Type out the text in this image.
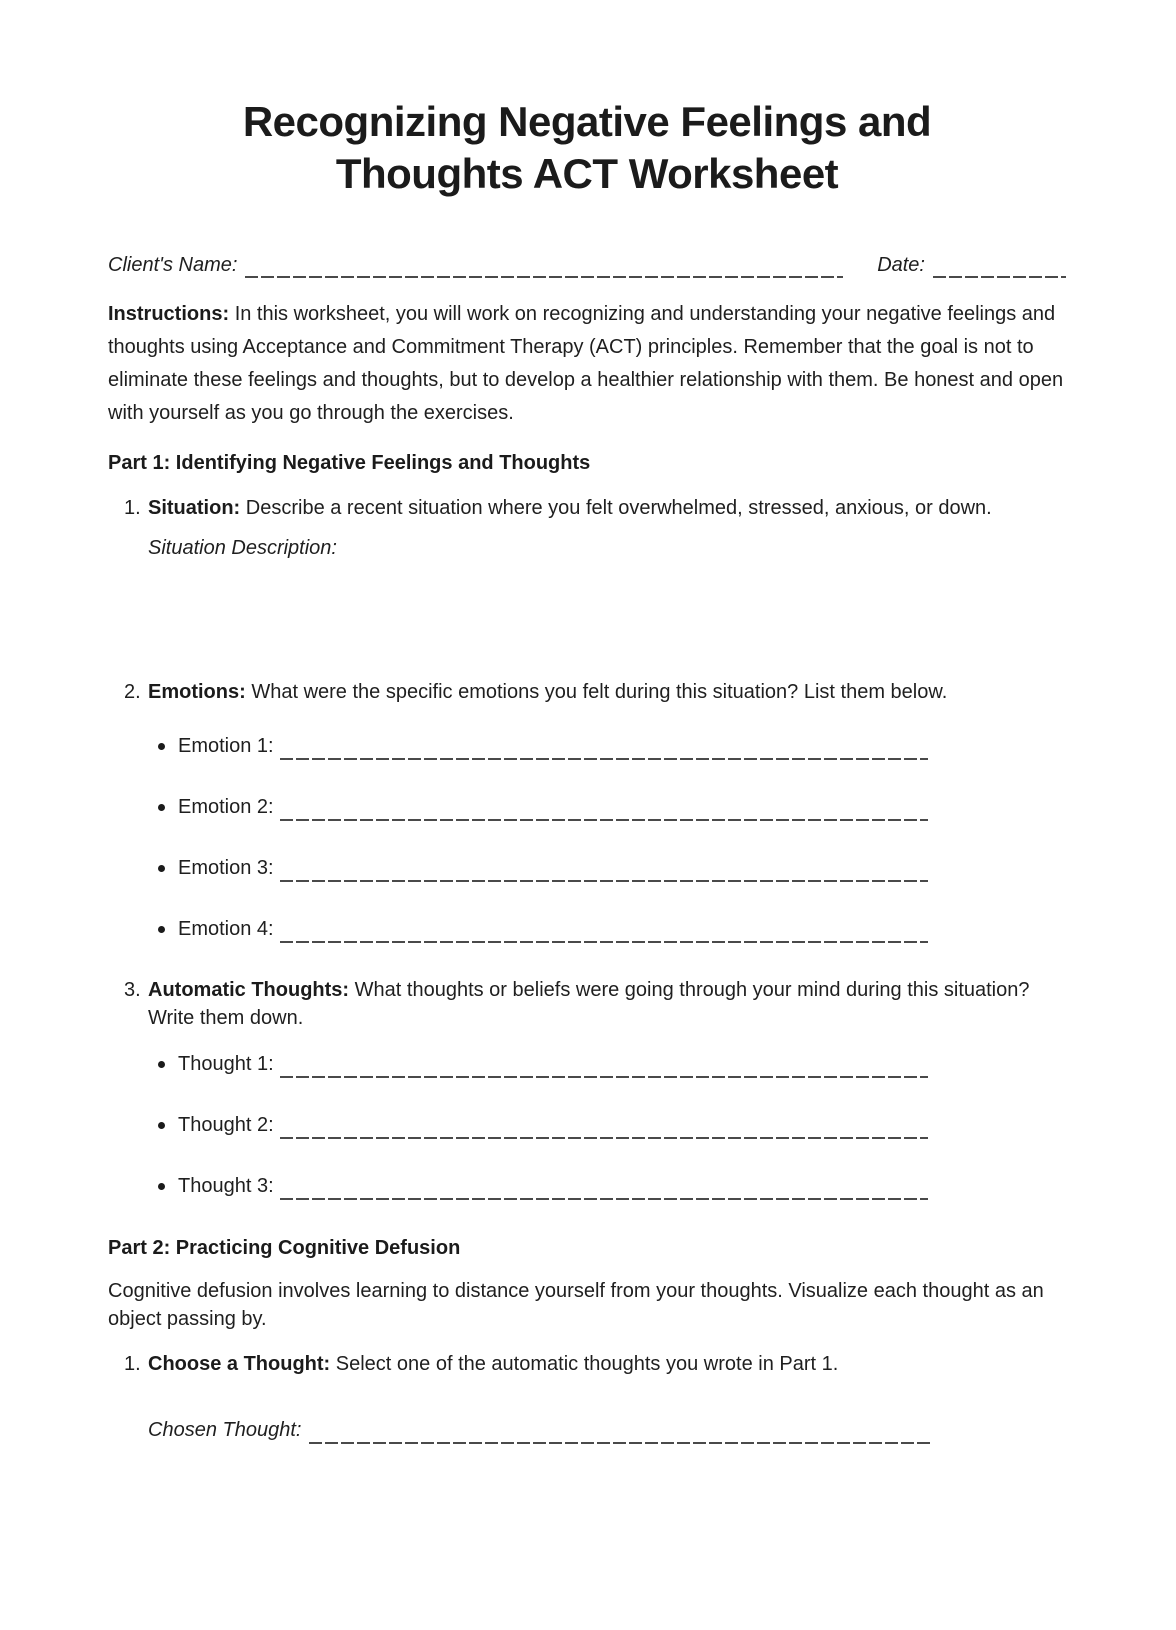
Recognizing Negative Feelings and
Thoughts ACT Worksheet
Client's Name:	Date:

Instructions: In this worksheet, you will work on recognizing and understanding your negative feelings and thoughts using Acceptance and Commitment Therapy (ACT) principles. Remember that the goal is not to eliminate these feelings and thoughts, but to develop a healthier relationship with them. Be honest and open with yourself as you go through the exercises.

Part 1: Identifying Negative Feelings and Thoughts
1. Situation: Describe a recent situation where you felt overwhelmed, stressed, anxious, or down.

Situation Description:

2. Emotions: What were the specific emotions you felt during this situation? List them below.

Emotion 1:
Emotion 2:
Emotion 3:
Emotion 4:
3. Automatic Thoughts: What thoughts or beliefs were going through your mind during this situation? Write them down.

Thought 1:
Thought 2:
Thought 3:
Part 2: Practicing Cognitive Defusion

Cognitive defusion involves learning to distance yourself from your thoughts. Visualize each thought as an object passing by.

1. Choose a Thought: Select one of the automatic thoughts you wrote in Part 1.

Chosen Thought:
